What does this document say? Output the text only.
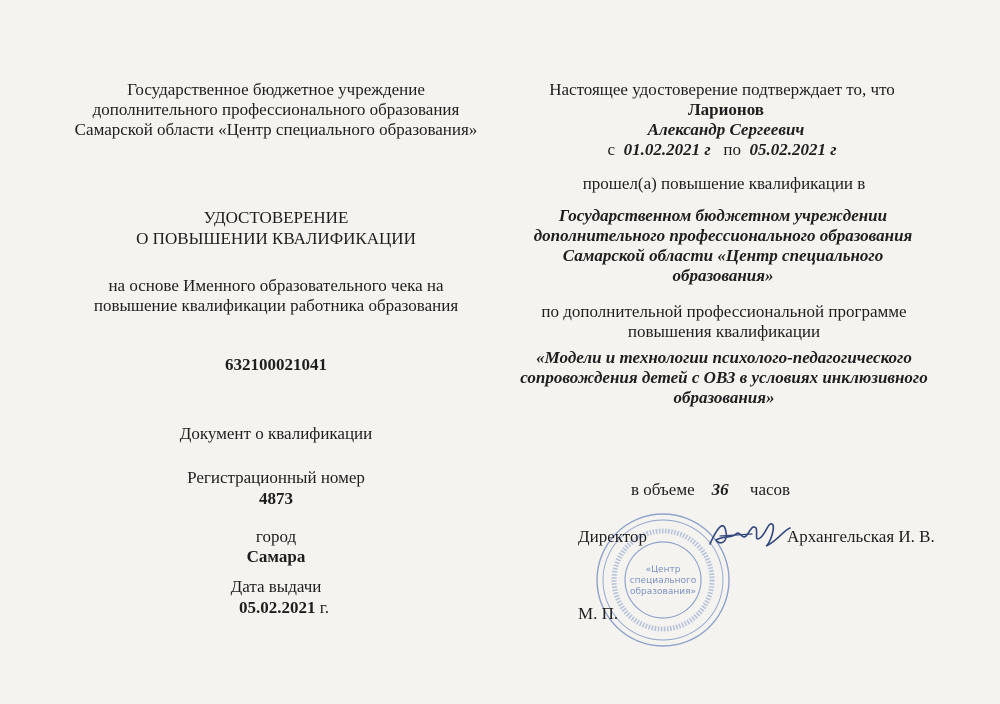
Государственное бюджетное учреждение

дополнительного профессионального образования

Самарской области «Центр специального образования»

УДОСТОВЕРЕНИЕ

О ПОВЫШЕНИИ КВАЛИФИКАЦИИ

на основе Именного образовательного чека на

повышение квалификации работника образования

632100021041

Документ о квалификации

Регистрационный номер

4873

город

Самара

Дата выдачи

05.02.2021 г.

Настоящее удостоверение подтверждает то, что

Ларионов

Александр Сергеевич

с 01.02.2021 г по 05.02.2021 г

прошел(а) повышение квалификации в

Государственном бюджетном учреждении

дополнительного профессионального образования

Самарской области «Центр специального

образования»

по дополнительной профессиональной программе

повышения квалификации

«Модели и технологии психолого-педагогического

сопровождения детей с ОВЗ в условиях инклюзивного

образования»

в объеме 36 часов

«Центр
специального
образования»

Директор	Архангельская И. В.

М. П.
